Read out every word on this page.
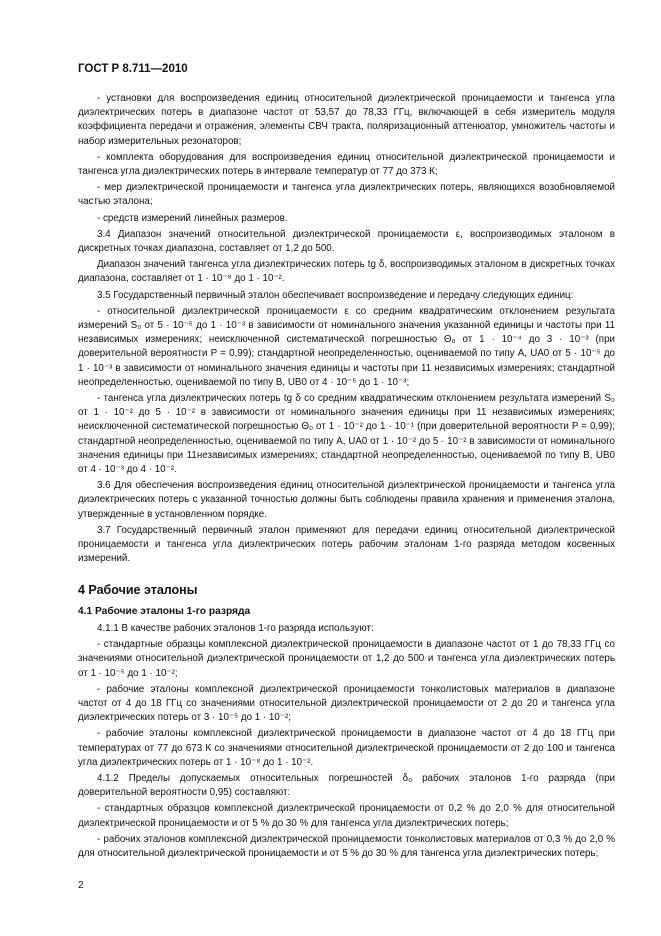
ГОСТ Р 8.711—2010

- установки для воспроизведения единиц относительной диэлектрической проницаемости и тангенса угла диэлектрических потерь в диапазоне частот от 53,57 до 78,33 ГГц, включающей в себя измеритель модуля коэффициента передачи и отражения, элементы СВЧ тракта, поляризационный аттенюатор, умножитель частоты и набор измерительных резонаторов;

- комплекта оборудования для воспроизведения единиц относительной диэлектрической проницаемости и тангенса угла диэлектрических потерь в интервале температур от 77 до 373 К;

- мер диэлектрической проницаемости и тангенса угла диэлектрических потерь, являющихся возобновляемой частью эталона;

- средств измерений линейных размеров.

3.4 Диапазон значений относительной диэлектрической проницаемости ε, воспроизводимых эталоном в дискретных точках диапазона, составляет от 1,2 до 500.

Диапазон значений тангенса угла диэлектрических потерь tg δ, воспроизводимых эталоном в дискретных точках диапазона, составляет от 1 · 10⁻⁸ до 1 · 10⁻².

3.5 Государственный первичный эталон обеспечивает воспроизведение и передачу следующих единиц:

- относительной диэлектрической проницаемости ε со средним квадратическим отклонением результата измерений S₀ от 5 · 10⁻⁵ до 1 · 10⁻³ в зависимости от номинального значения указанной единицы и частоты при 11 независимых измерениях; неисключенной систематической погрешностью Θ₀ от 1 · 10⁻⁴ до 3 · 10⁻³ (при доверительной вероятности P = 0,99); стандартной неопределенностью, оцениваемой по типу А, UA0 от 5 · 10⁻⁵ до 1 · 10⁻³ в зависимости от номинального значения единицы и частоты при 11 независимых измерениях; стандартной неопределенностью, оцениваемой по типу В, UB0 от 4 · 10⁻⁵ до 1 · 10⁻³;

- тангенса угла диэлектрических потерь tg δ со средним квадратическим отклонением результата измерений S₀ от 1 · 10⁻² до 5 · 10⁻² в зависимости от номинального значения единицы при 11 независимых измерениях; неисключенной систематической погрешностью Θ₀ от 1 · 10⁻² до 1 · 10⁻¹ (при доверительной вероятности P = 0,99); стандартной неопределенностью, оцениваемой по типу А, UA0 от 1 · 10⁻² до 5 · 10⁻² в зависимости от номинального значения единицы при 11независимых измерениях; стандартной неопределенностью, оцениваемой по типу В, UB0 от 4 · 10⁻³ до 4 · 10⁻².

3.6 Для обеспечения воспроизведения единиц относительной диэлектрической проницаемости и тангенса угла диэлектрических потерь с указанной точностью должны быть соблюдены правила хранения и применения эталона, утвержденные в установленном порядке.

3.7 Государственный первичный эталон применяют для передачи единиц относительной диэлектрической проницаемости и тангенса угла диэлектрических потерь рабочим эталонам 1-го разряда методом косвенных измерений.

4 Рабочие эталоны
4.1 Рабочие эталоны 1-го разряда

4.1.1 В качестве рабочих эталонов 1-го разряда используют:

- стандартные образцы комплексной диэлектрической проницаемости в диапазоне частот от 1 до 78,33 ГГц со значениями относительной диэлектрической проницаемости от 1,2 до 500 и тангенса угла диэлектрических потерь от 1 · 10⁻⁵ до 1 · 10⁻²;

- рабочие эталоны комплексной диэлектрической проницаемости тонколистовых материалов в диапазоне частот от 4 до 18 ГГц со значениями относительной диэлектрической проницаемости от 2 до 20 и тангенса угла диэлектрических потерь от 3 · 10⁻⁵ до 1 · 10⁻²;

- рабочие эталоны комплексной диэлектрической проницаемости в диапазоне частот от 4 до 18 ГГц при температурах от 77 до 673 К со значениями относительной диэлектрической проницаемости от 2 до 100 и тангенса угла диэлектрических потерь от 1 · 10⁻⁸ до 1 · 10⁻².

4.1.2 Пределы допускаемых относительных погрешностей δ₀ рабочих эталонов 1-го разряда (при доверительной вероятности 0,95) составляют:

- стандартных образцов комплексной диэлектрической проницаемости от 0,2 % до 2,0 % для относительной диэлектрической проницаемости и от 5 % до 30 % для тангенса угла диэлектрических потерь;

- рабочих эталонов комплексной диэлектрической проницаемости тонколистовых материалов от 0,3 % до 2,0 % для относительной диэлектрической проницаемости и от 5 % до 30 % для тангенса угла диэлектрических потерь;

2
